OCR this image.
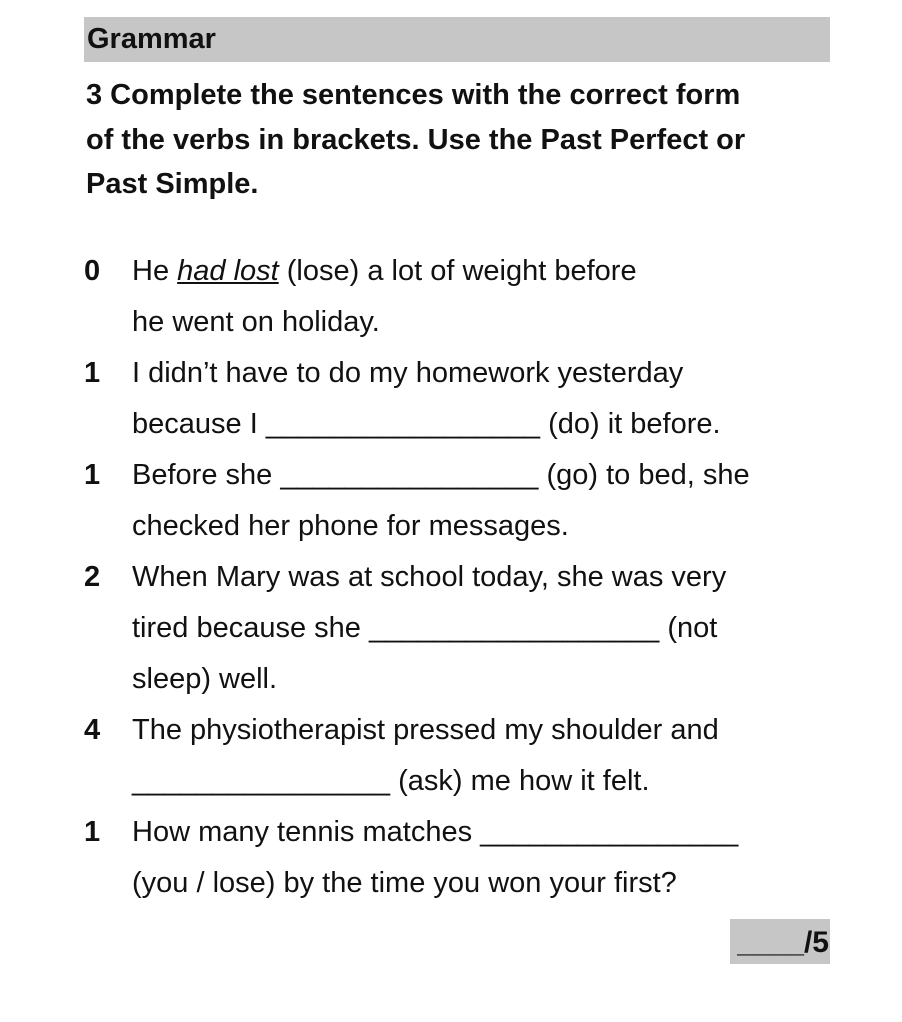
Grammar
3 Complete the sentences with the correct form
of the verbs in brackets. Use the Past Perfect or
Past Simple.
0	He had lost (lose) a lot of weight before
he went on holiday.
1	I didn’t have to do my homework yesterday
because I _________________ (do) it before.
1	Before she ________________ (go) to bed, she
checked her phone for messages.
2	When Mary was at school today, she was very
tired because she __________________ (not
sleep) well.
4	The physiotherapist pressed my shoulder and
________________ (ask) me how it felt.
1	How many tennis matches ________________
(you / lose) by the time you won your first?
____/5
